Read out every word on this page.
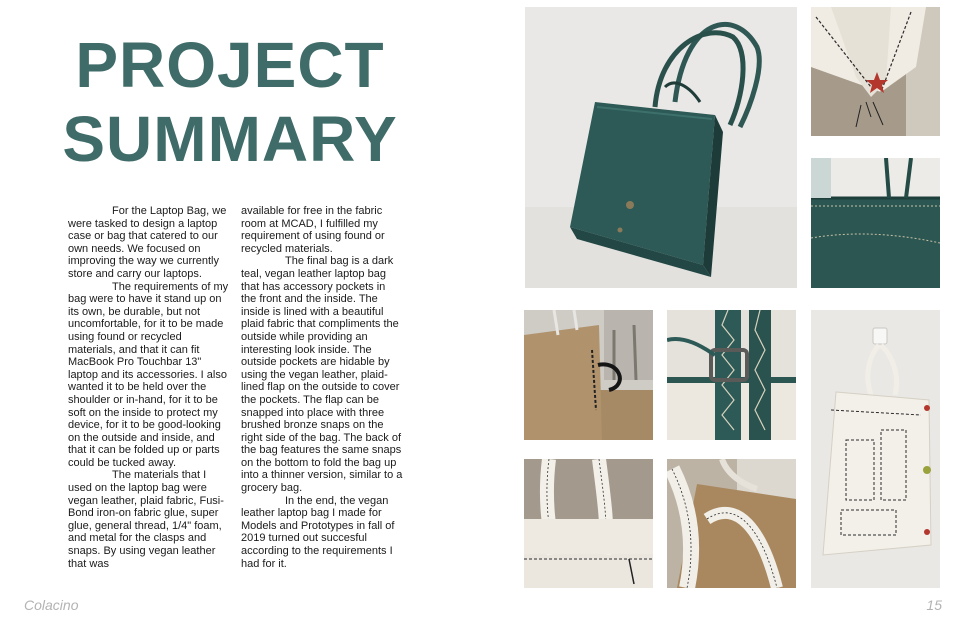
PROJECT
SUMMARY

For the Laptop Bag, we were tasked to design a laptop case or bag that catered to our own needs. We focused on improving the way we currently store and carry our laptops.

The requirements of my bag were to have it stand up on its own, be durable, but not uncomfortable, for it to be made using found or recycled materials, and that it can fit MacBook Pro Touchbar 13" laptop and its accessories. I also wanted it to be held over the shoulder or in-hand, for it to be soft on the inside to protect my device, for it to be good-looking on the outside and inside, and that it can be folded up or parts could be tucked away.

The materials that I used on the laptop bag were vegan leather, plaid fabric, Fusi-Bond iron-on fabric glue, super glue, general thread, 1/4" foam, and metal for the clasps and snaps. By using vegan leather that was

available for free in the fabric room at MCAD, I fulfilled my requirement of using found or recycled materials.

The final bag is a dark teal, vegan leather laptop bag that has accessory pockets in the front and the inside. The inside is lined with a beautiful plaid fabric that compliments the outside while providing an interesting look inside. The outside pockets are hidable by using the vegan leather, plaid-lined flap on the outside to cover the pockets. The flap can be snapped into place with three brushed bronze snaps on the right side of the bag. The back of the bag features the same snaps on the bottom to fold the bag up into a thinner version, similar to a grocery bag.

In the end, the vegan leather laptop bag I made for Models and Prototypes in fall of 2019 turned out succesful according to the requirements I had for it.

Colacino	15
